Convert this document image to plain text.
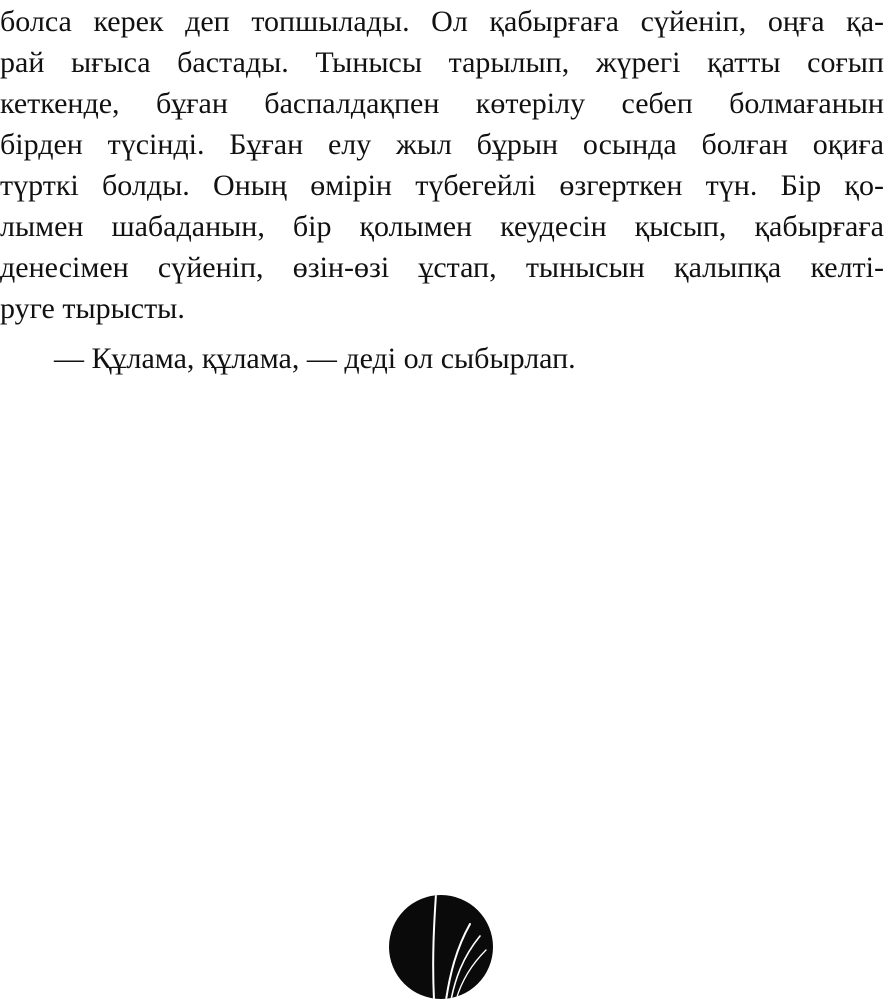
болса керек деп топшылады. Ол қабырғаға сүйеніп, оңға қа-
рай ығыса бастады. Тынысы тарылып, жүрегі қатты соғып
кеткенде, бұған баспалдақпен көтерілу себеп болмағанын
бірден түсінді. Бұған елу жыл бұрын осында болған оқиға
түрткі болды. Оның өмірін түбегейлі өзгерткен түн. Бір қо-
лымен шабаданын, бір қолымен кеудесін қысып, қабырғаға
денесімен сүйеніп, өзін-өзі ұстап, тынысын қалыпқа келті-
руге тырысты.
— Құлама, құлама, — деді ол сыбырлап.
